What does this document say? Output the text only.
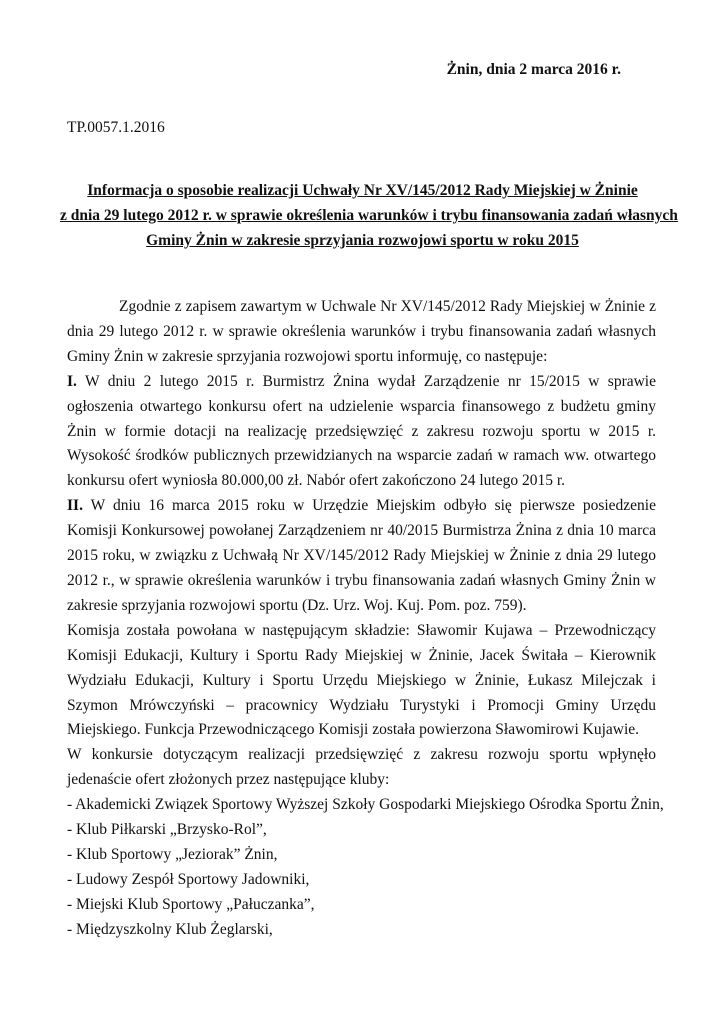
Żnin, dnia 2 marca 2016 r.
TP.0057.1.2016
Informacja o sposobie realizacji Uchwały Nr XV/145/2012 Rady Miejskiej w Żninie
z dnia 29 lutego 2012 r. w sprawie określenia warunków i trybu finansowania zadań własnych
Gminy Żnin w zakresie sprzyjania rozwojowi sportu w roku 2015

Zgodnie z zapisem zawartym w Uchwale Nr XV/145/2012 Rady Miejskiej w Żninie z dnia 29 lutego 2012 r. w sprawie określenia warunków i trybu finansowania zadań własnych Gminy Żnin w zakresie sprzyjania rozwojowi sportu informuję, co następuje:

I. W dniu 2 lutego 2015 r. Burmistrz Żnina wydał Zarządzenie nr 15/2015 w sprawie ogłoszenia otwartego konkursu ofert na udzielenie wsparcia finansowego z budżetu gminy Żnin w formie dotacji na realizację przedsięwzięć z zakresu rozwoju sportu w 2015 r. Wysokość środków publicznych przewidzianych na wsparcie zadań w ramach ww. otwartego konkursu ofert wyniosła 80.000,00 zł. Nabór ofert zakończono 24 lutego 2015 r.

II. W dniu 16 marca 2015 roku w Urzędzie Miejskim odbyło się pierwsze posiedzenie Komisji Konkursowej powołanej Zarządzeniem nr 40/2015 Burmistrza Żnina z dnia 10 marca 2015 roku, w związku z Uchwałą Nr XV/145/2012 Rady Miejskiej w Żninie z dnia 29 lutego 2012 r., w sprawie określenia warunków i trybu finansowania zadań własnych Gminy Żnin w zakresie sprzyjania rozwojowi sportu (Dz. Urz. Woj. Kuj. Pom. poz. 759).

Komisja została powołana w następującym składzie: Sławomir Kujawa – Przewodniczący Komisji Edukacji, Kultury i Sportu Rady Miejskiej w Żninie, Jacek Świtała – Kierownik Wydziału Edukacji, Kultury i Sportu Urzędu Miejskiego w Żninie, Łukasz Milejczak i Szymon Mrówczyński – pracownicy Wydziału Turystyki i Promocji Gminy Urzędu Miejskiego. Funkcja Przewodniczącego Komisji została powierzona Sławomirowi Kujawie.

W konkursie dotyczącym realizacji przedsięwzięć z zakresu rozwoju sportu wpłynęło jedenaście ofert złożonych przez następujące kluby:

- Akademicki Związek Sportowy Wyższej Szkoły Gospodarki Miejskiego Ośrodka Sportu Żnin,
- Klub Piłkarski „Brzysko-Rol”,
- Klub Sportowy „Jeziorak” Żnin,
- Ludowy Zespół Sportowy Jadowniki,
- Miejski Klub Sportowy „Pałuczanka”,
- Międzyszkolny Klub Żeglarski,
